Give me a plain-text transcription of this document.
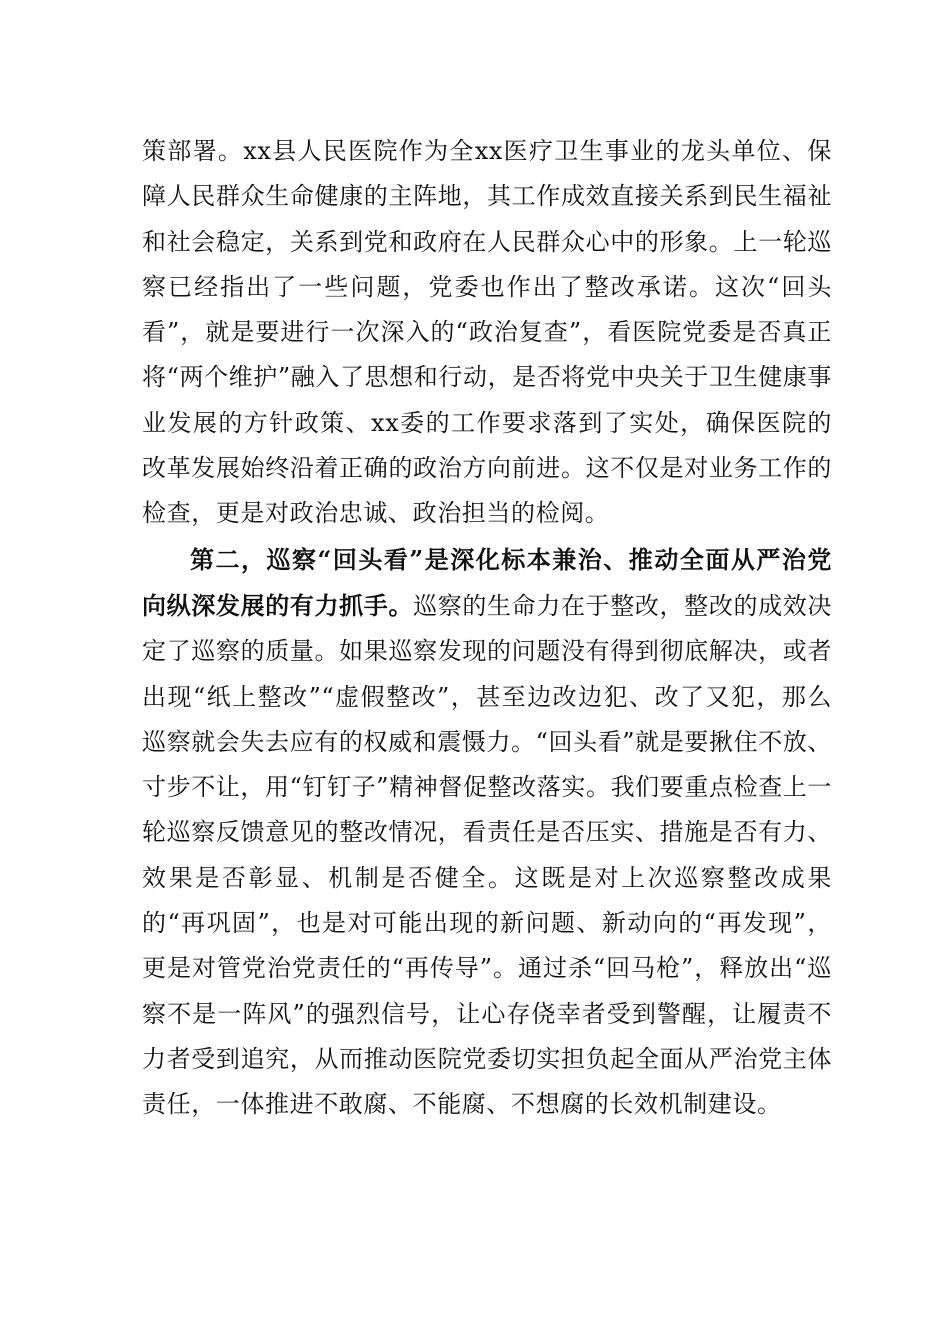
策部署。xx县人民医院作为全xx医疗卫生事业的龙头单位、保障人民群众生命健康的主阵地，其工作成效直接关系到民生福祉和社会稳定，关系到党和政府在人民群众心中的形象。上一轮巡察已经指出了一些问题，党委也作出了整改承诺。这次“回头看”，就是要进行一次深入的“政治复查”，看医院党委是否真正将“两个维护”融入了思想和行动，是否将党中央关于卫生健康事业发展的方针政策、xx委的工作要求落到了实处，确保医院的改革发展始终沿着正确的政治方向前进。这不仅是对业务工作的检查，更是对政治忠诚、政治担当的检阅。

第二，巡察“回头看”是深化标本兼治、推动全面从严治党向纵深发展的有力抓手。巡察的生命力在于整改，整改的成效决定了巡察的质量。如果巡察发现的问题没有得到彻底解决，或者出现“纸上整改”“虚假整改”，甚至边改边犯、改了又犯，那么巡察就会失去应有的权威和震慑力。“回头看”就是要揪住不放、寸步不让，用“钉钉子”精神督促整改落实。我们要重点检查上一轮巡察反馈意见的整改情况，看责任是否压实、措施是否有力、效果是否彰显、机制是否健全。这既是对上次巡察整改成果的“再巩固”，也是对可能出现的新问题、新动向的“再发现”，更是对管党治党责任的“再传导”。通过杀“回马枪”，释放出“巡察不是一阵风”的强烈信号，让心存侥幸者受到警醒，让履责不力者受到追究，从而推动医院党委切实担负起全面从严治党主体责任，一体推进不敢腐、不能腐、不想腐的长效机制建设。
